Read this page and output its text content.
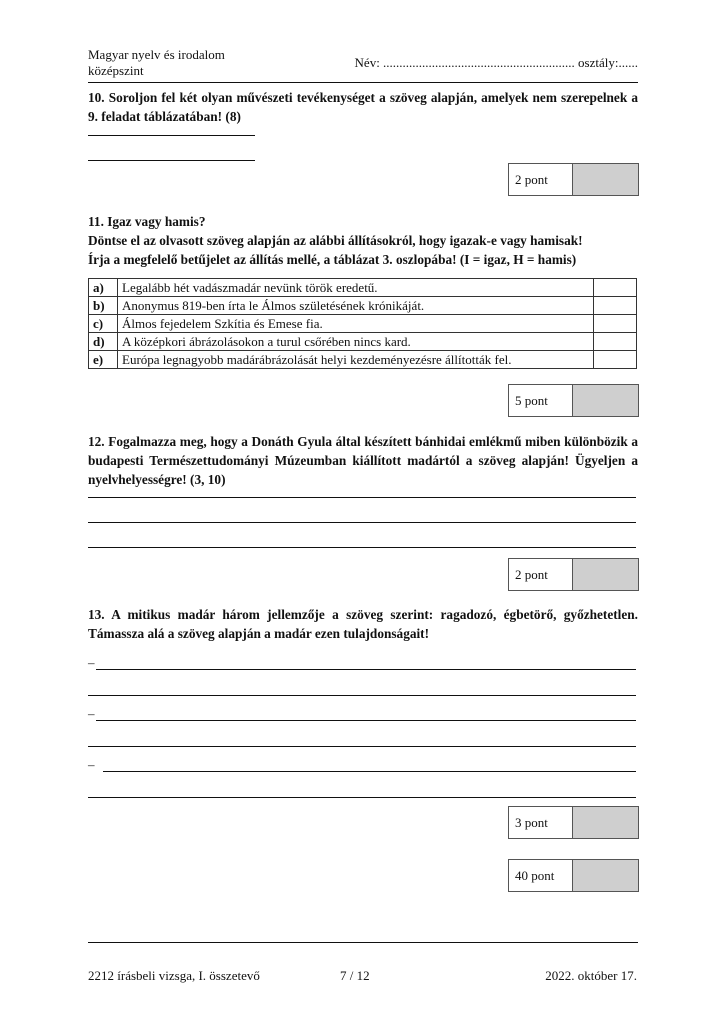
Magyar nyelv és irodalom
középszint
Név: ........................................................... osztály:......
10. Soroljon fel két olyan művészeti tevékenységet a szöveg alapján, amelyek nem szerepelnek a 9. feladat táblázatában! (8)
2 pont
11. Igaz vagy hamis?
Döntse el az olvasott szöveg alapján az alábbi állításokról, hogy igazak-e vagy hamisak!
Írja a megfelelő betűjelet az állítás mellé, a táblázat 3. oszlopába! (I = igaz, H = hamis)
a)	Legalább hét vadászmadár nevünk török eredetű.	
b)	Anonymus 819-ben írta le Álmos születésének krónikáját.	
c)	Álmos fejedelem Szkítia és Emese fia.	
d)	A középkori ábrázolásokon a turul csőrében nincs kard.	
e)	Európa legnagyobb madárábrázolását helyi kezdeményezésre állították fel.	
5 pont
12. Fogalmazza meg, hogy a Donáth Gyula által készített bánhidai emlékmű miben különbözik a budapesti Természettudományi Múzeumban kiállított madártól a szöveg alapján! Ügyeljen a nyelvhelyességre! (3, 10)
2 pont
13. A mitikus madár három jellemzője a szöveg szerint: ragadozó, égbetörő, győzhetetlen. Támassza alá a szöveg alapján a madár ezen tulajdonságait!
–
–
–
3 pont
40 pont
2212 írásbeli vizsga, I. összetevő	7 / 12	2022. október 17.
